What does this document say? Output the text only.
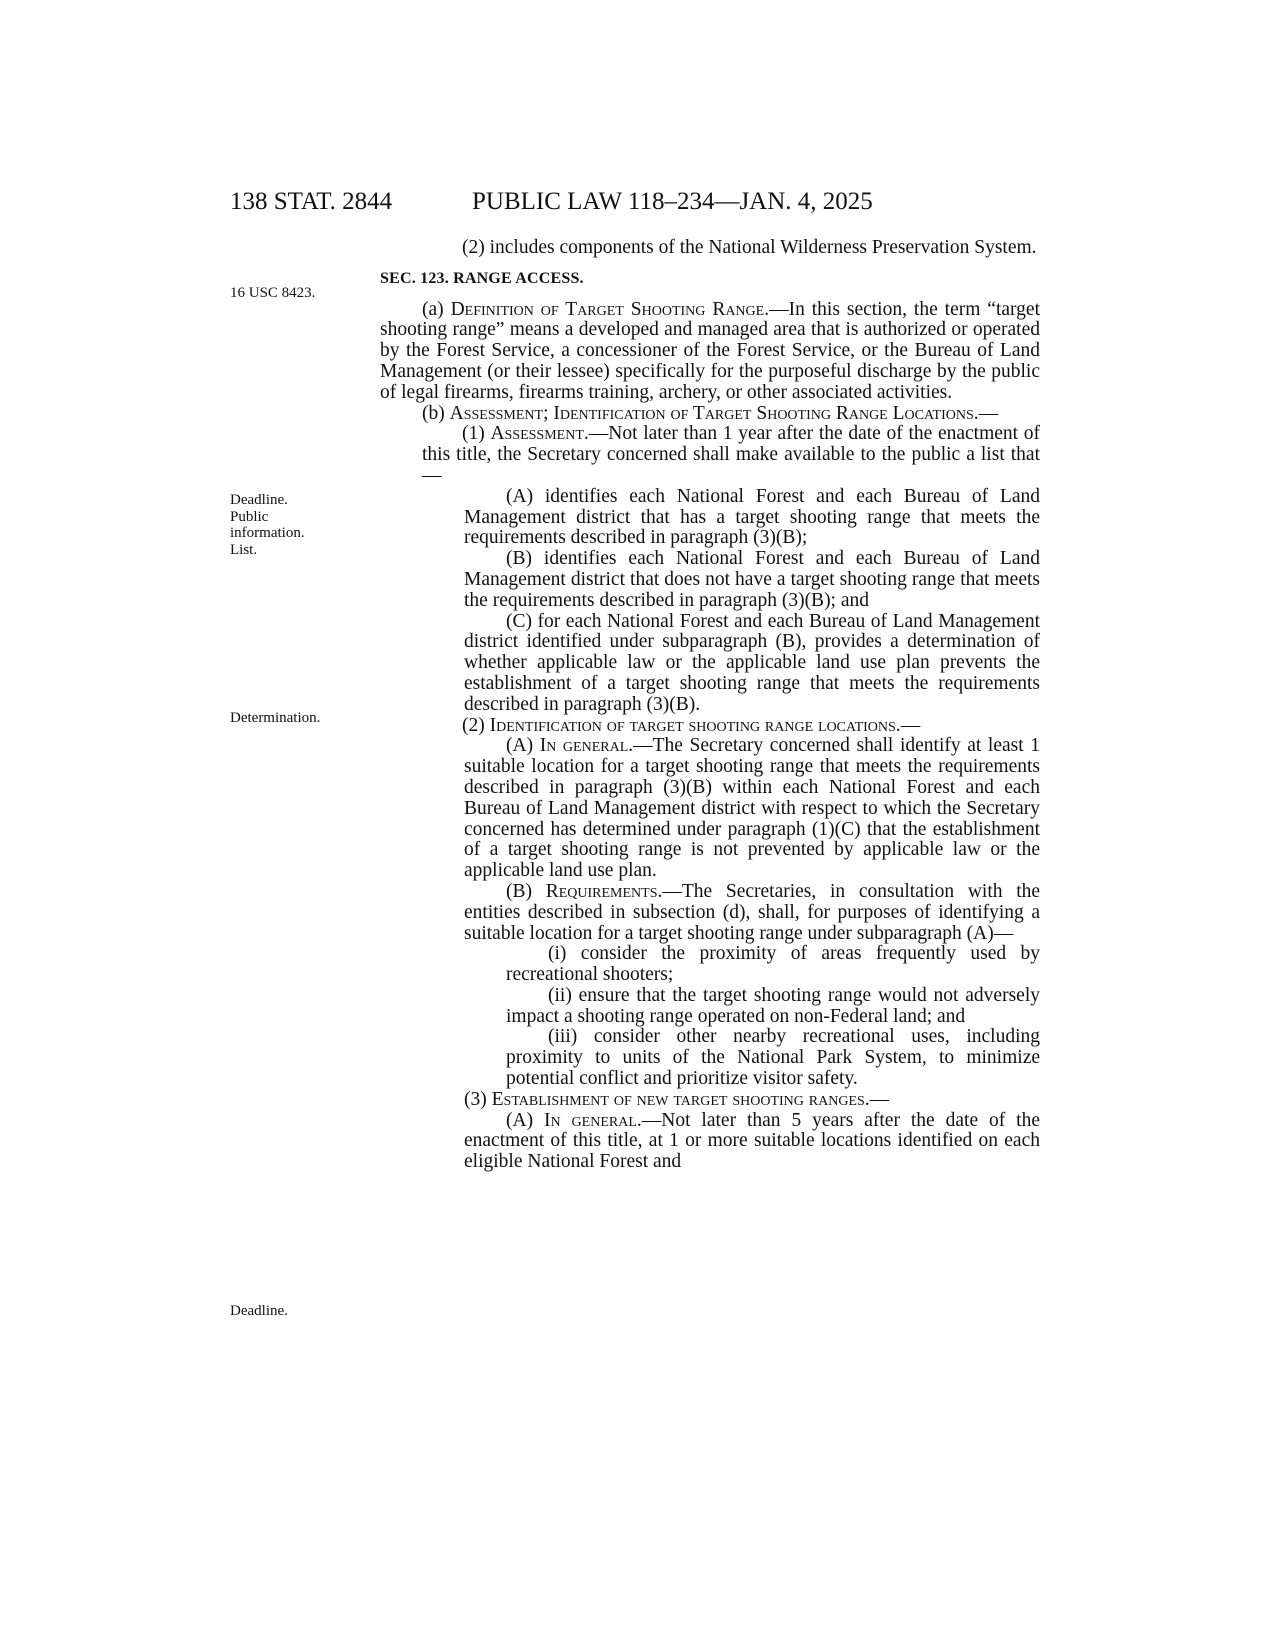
138 STAT. 2844	PUBLIC LAW 118–234—JAN. 4, 2025
16 USC 8423.
Deadline.
Public
information.
List.
Determination.
Deadline.

(2) includes components of the National Wilderness Preservation System.

SEC. 123. RANGE ACCESS.

(a) Definition of Target Shooting Range.—In this section, the term “target shooting range” means a developed and managed area that is authorized or operated by the Forest Service, a concessioner of the Forest Service, or the Bureau of Land Management (or their lessee) specifically for the purposeful discharge by the public of legal firearms, firearms training, archery, or other associated activities.

(b) Assessment; Identification of Target Shooting Range Locations.—

(1) Assessment.—Not later than 1 year after the date of the enactment of this title, the Secretary concerned shall make available to the public a list that—

(A) identifies each National Forest and each Bureau of Land Management district that has a target shooting range that meets the requirements described in paragraph (3)(B);

(B) identifies each National Forest and each Bureau of Land Management district that does not have a target shooting range that meets the requirements described in paragraph (3)(B); and

(C) for each National Forest and each Bureau of Land Management district identified under subparagraph (B), provides a determination of whether applicable law or the applicable land use plan prevents the establishment of a target shooting range that meets the requirements described in paragraph (3)(B).

(2) Identification of target shooting range locations.—

(A) In general.—The Secretary concerned shall identify at least 1 suitable location for a target shooting range that meets the requirements described in paragraph (3)(B) within each National Forest and each Bureau of Land Management district with respect to which the Secretary concerned has determined under paragraph (1)(C) that the establishment of a target shooting range is not prevented by applicable law or the applicable land use plan.

(B) Requirements.—The Secretaries, in consultation with the entities described in subsection (d), shall, for purposes of identifying a suitable location for a target shooting range under subparagraph (A)—

(i) consider the proximity of areas frequently used by recreational shooters;

(ii) ensure that the target shooting range would not adversely impact a shooting range operated on non-Federal land; and

(iii) consider other nearby recreational uses, including proximity to units of the National Park System, to minimize potential conflict and prioritize visitor safety.

(3) Establishment of new target shooting ranges.—

(A) In general.—Not later than 5 years after the date of the enactment of this title, at 1 or more suitable locations identified on each eligible National Forest and
